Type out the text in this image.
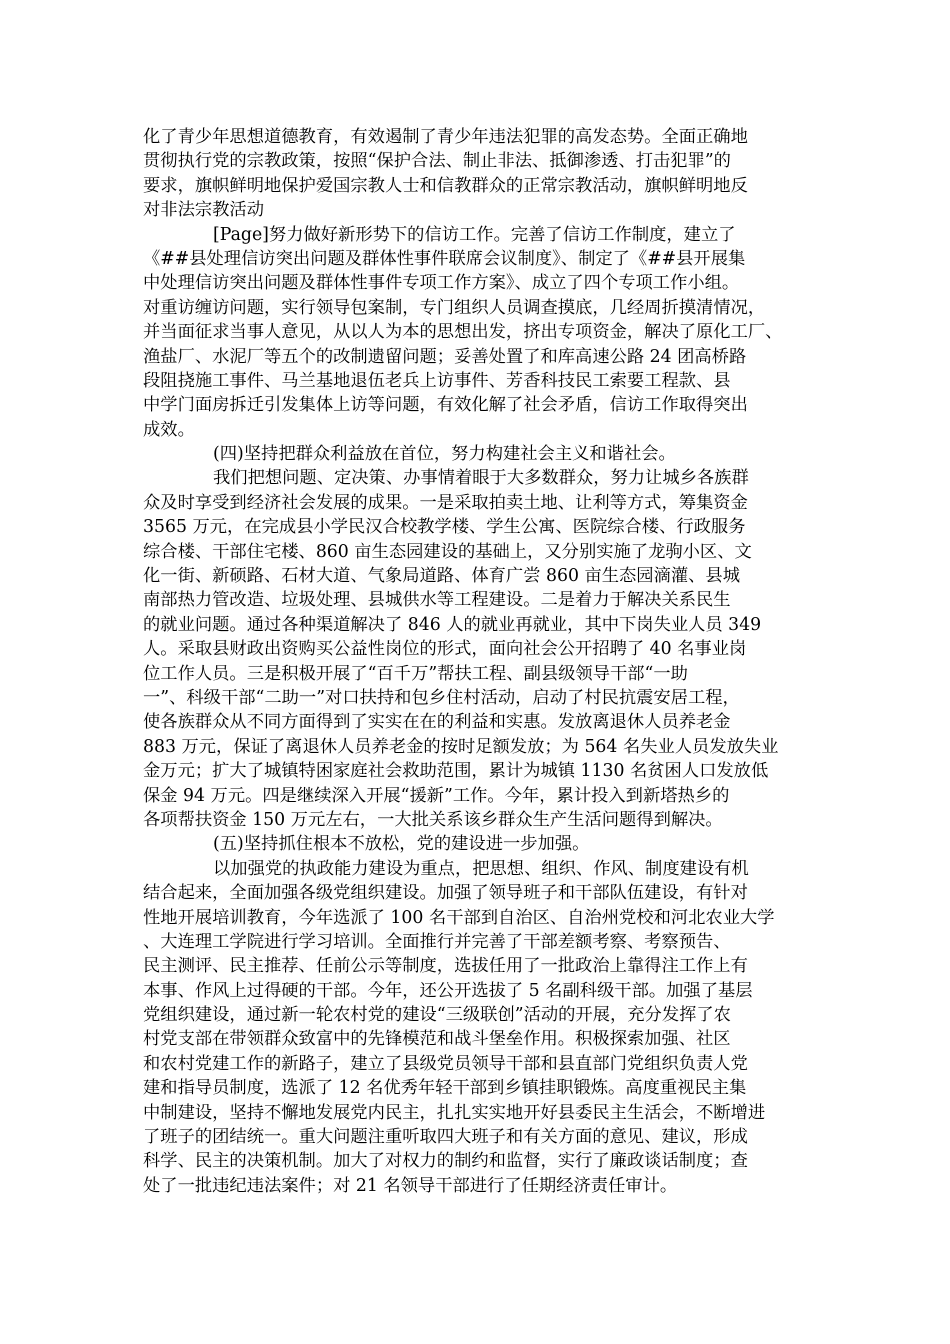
化了青少年思想道德教育，有效遏制了青少年违法犯罪的高发态势。全面正确地
贯彻执行党的宗教政策，按照“保护合法、制止非法、抵御渗透、打击犯罪”的
要求，旗帜鲜明地保护爱国宗教人士和信教群众的正常宗教活动，旗帜鲜明地反
对非法宗教活动
[Page]努力做好新形势下的信访工作。完善了信访工作制度，建立了
《##县处理信访突出问题及群体性事件联席会议制度》、制定了《##县开展集
中处理信访突出问题及群体性事件专项工作方案》、成立了四个专项工作小组。
对重访缠访问题，实行领导包案制，专门组织人员调查摸底，几经周折摸清情况，
并当面征求当事人意见，从以人为本的思想出发，挤出专项资金，解决了原化工厂、
渔盐厂、水泥厂等五个的改制遗留问题；妥善处置了和库高速公路 24 团高桥路
段阻挠施工事件、马兰基地退伍老兵上访事件、芳香科技民工索要工程款、县
中学门面房拆迁引发集体上访等问题，有效化解了社会矛盾，信访工作取得突出
成效。
(四)坚持把群众利益放在首位，努力构建社会主义和谐社会。
我们把想问题、定决策、办事情着眼于大多数群众，努力让城乡各族群
众及时享受到经济社会发展的成果。一是采取拍卖土地、让利等方式，筹集资金
3565 万元，在完成县小学民汉合校教学楼、学生公寓、医院综合楼、行政服务
综合楼、干部住宅楼、860 亩生态园建设的基础上，又分别实施了龙驹小区、文
化一街、新硕路、石材大道、气象局道路、体育广尝 860 亩生态园滴灌、县城
南部热力管改造、垃圾处理、县城供水等工程建设。二是着力于解决关系民生
的就业问题。通过各种渠道解决了 846 人的就业再就业，其中下岗失业人员 349
人。采取县财政出资购买公益性岗位的形式，面向社会公开招聘了 40 名事业岗
位工作人员。三是积极开展了“百千万”帮扶工程、副县级领导干部“一助
一”、科级干部“二助一”对口扶持和包乡住村活动，启动了村民抗震安居工程，
使各族群众从不同方面得到了实实在在的利益和实惠。发放离退休人员养老金
883 万元，保证了离退休人员养老金的按时足额发放；为 564 名失业人员发放失业
金万元；扩大了城镇特困家庭社会救助范围，累计为城镇 1130 名贫困人口发放低
保金 94 万元。四是继续深入开展“援新”工作。今年，累计投入到新塔热乡的
各项帮扶资金 150 万元左右，一大批关系该乡群众生产生活问题得到解决。
(五)坚持抓住根本不放松，党的建设进一步加强。
以加强党的执政能力建设为重点，把思想、组织、作风、制度建设有机
结合起来，全面加强各级党组织建设。加强了领导班子和干部队伍建设，有针对
性地开展培训教育，今年选派了 100 名干部到自治区、自治州党校和河北农业大学
、大连理工学院进行学习培训。全面推行并完善了干部差额考察、考察预告、
民主测评、民主推荐、任前公示等制度，选拔任用了一批政治上靠得注工作上有
本事、作风上过得硬的干部。今年，还公开选拔了 5 名副科级干部。加强了基层
党组织建设，通过新一轮农村党的建设“三级联创”活动的开展，充分发挥了农
村党支部在带领群众致富中的先锋模范和战斗堡垒作用。积极探索加强、社区
和农村党建工作的新路子，建立了县级党员领导干部和县直部门党组织负责人党
建和指导员制度，选派了 12 名优秀年轻干部到乡镇挂职锻炼。高度重视民主集
中制建设，坚持不懈地发展党内民主，扎扎实实地开好县委民主生活会，不断增进
了班子的团结统一。重大问题注重听取四大班子和有关方面的意见、建议，形成
科学、民主的决策机制。加大了对权力的制约和监督，实行了廉政谈话制度；查
处了一批违纪违法案件；对 21 名领导干部进行了任期经济责任审计。
